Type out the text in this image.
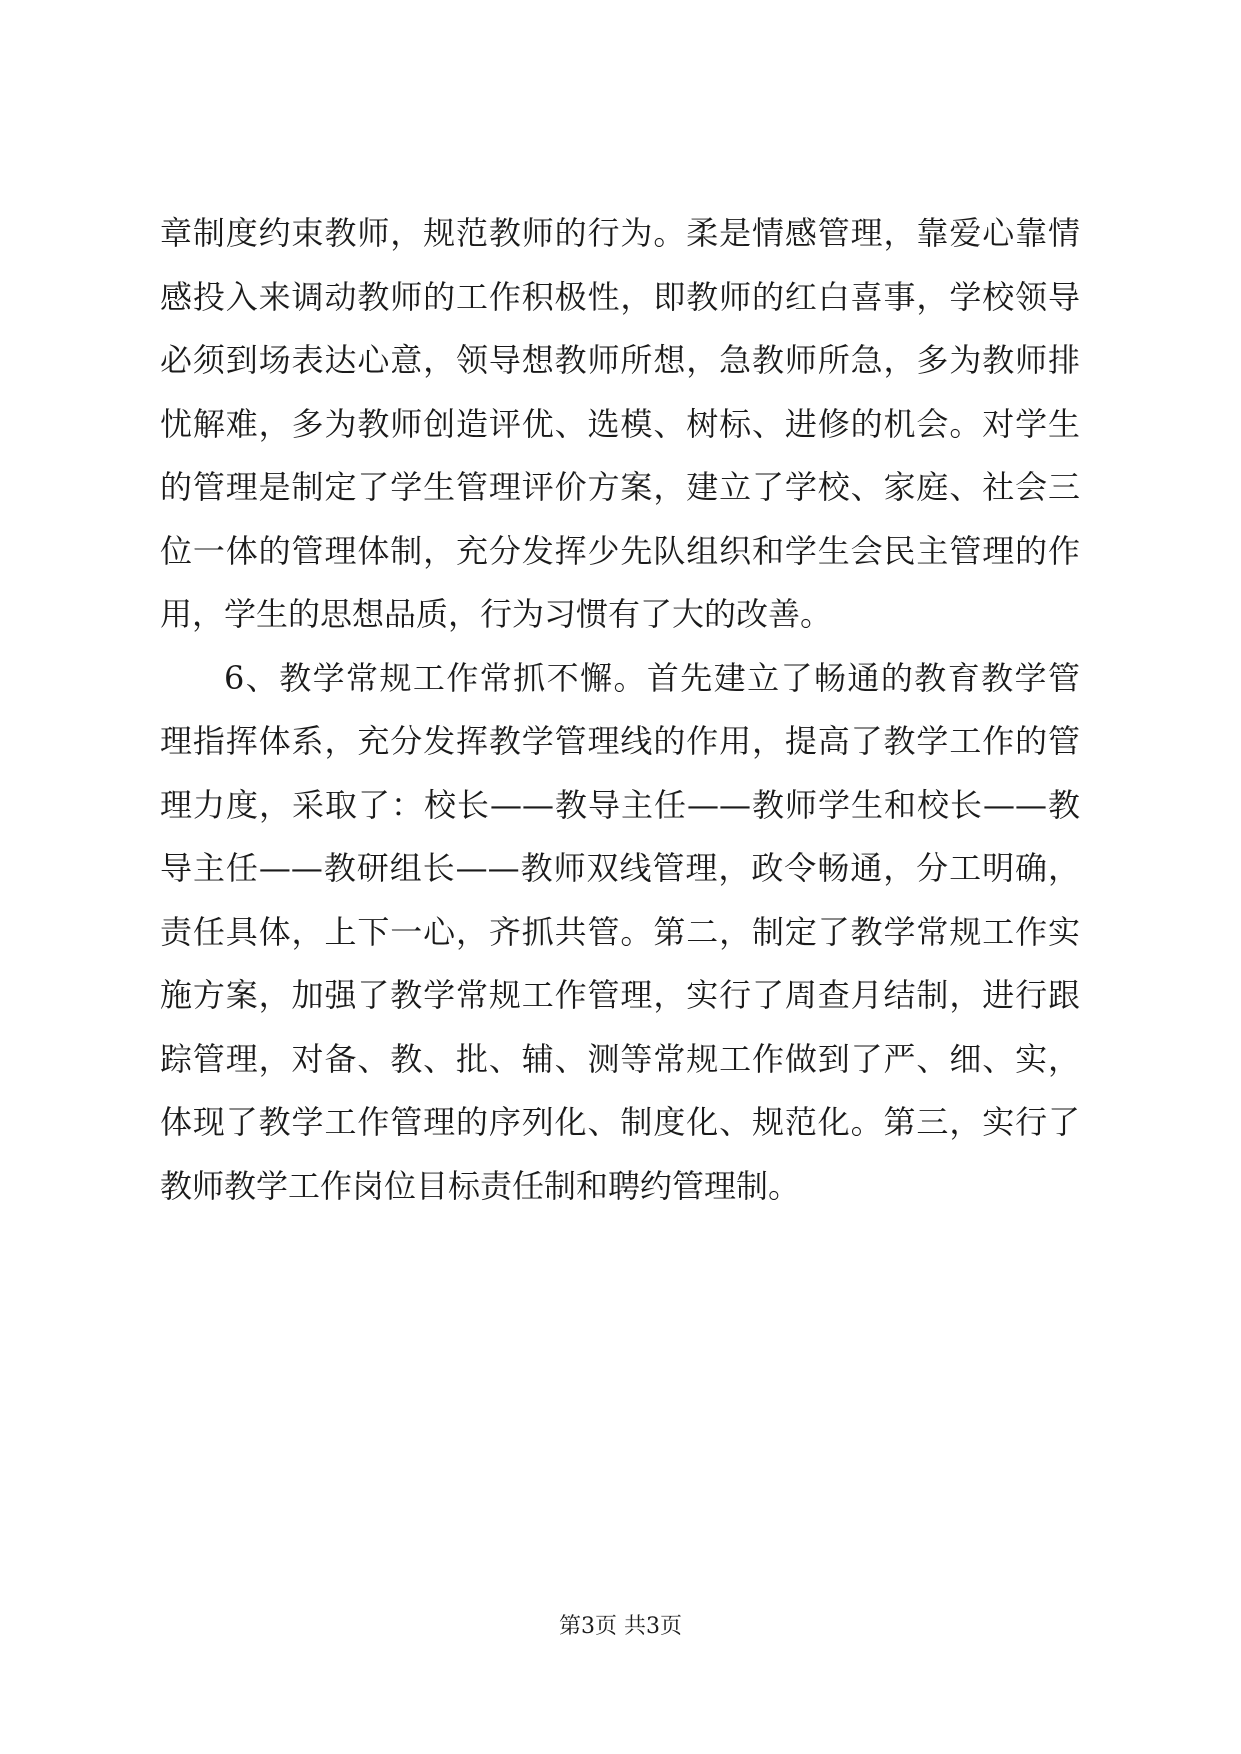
章制度约束教师，规范教师的行为。柔是情感管理，靠爱心靠情
感投入来调动教师的工作积极性，即教师的红白喜事，学校领导
必须到场表达心意，领导想教师所想，急教师所急，多为教师排
忧解难，多为教师创造评优、选模、树标、进修的机会。对学生
的管理是制定了学生管理评价方案，建立了学校、家庭、社会三
位一体的管理体制，充分发挥少先队组织和学生会民主管理的作
用，学生的思想品质，行为习惯有了大的改善。
6、教学常规工作常抓不懈。首先建立了畅通的教育教学管
理指挥体系，充分发挥教学管理线的作用，提高了教学工作的管
理力度，采取了：校长——教导主任——教师学生和校长——教
导主任——教研组长——教师双线管理，政令畅通，分工明确，
责任具体，上下一心，齐抓共管。第二，制定了教学常规工作实
施方案，加强了教学常规工作管理，实行了周查月结制，进行跟
踪管理，对备、教、批、辅、测等常规工作做到了严、细、实，
体现了教学工作管理的序列化、制度化、规范化。第三，实行了
教师教学工作岗位目标责任制和聘约管理制。
第3页 共3页
